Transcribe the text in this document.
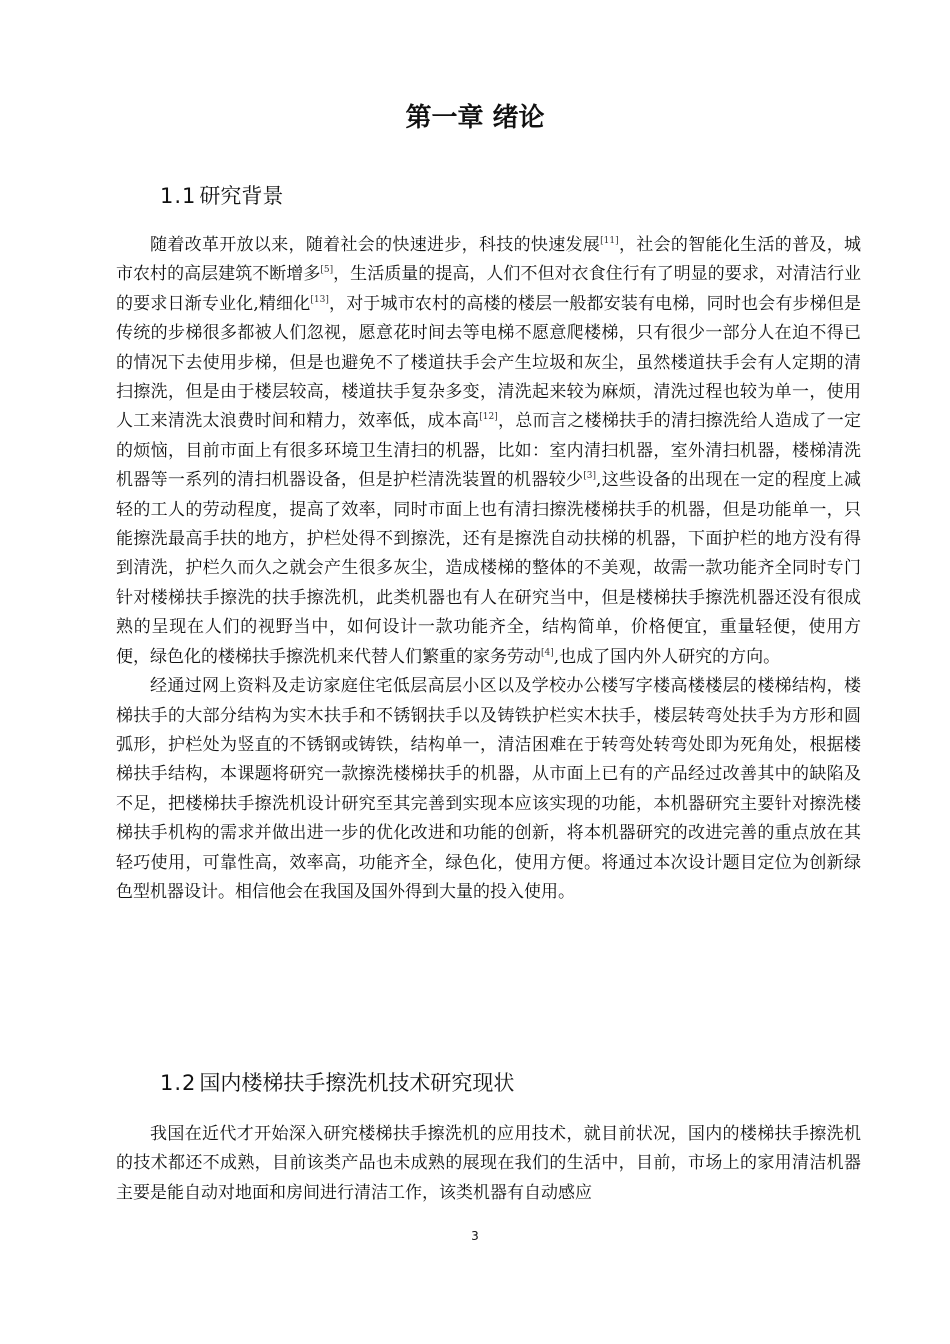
第一章 绪论
1.1 研究背景

随着改革开放以来，随着社会的快速进步，科技的快速发展[11]，社会的智能化生活的普及，城市农村的高层建筑不断增多[5]，生活质量的提高，人们不但对衣食住行有了明显的要求，对清洁行业的要求日渐专业化,精细化[13]，对于城市农村的高楼的楼层一般都安装有电梯，同时也会有步梯但是传统的步梯很多都被人们忽视，愿意花时间去等电梯不愿意爬楼梯，只有很少一部分人在迫不得已的情况下去使用步梯，但是也避免不了楼道扶手会产生垃圾和灰尘，虽然楼道扶手会有人定期的清扫擦洗，但是由于楼层较高，楼道扶手复杂多变，清洗起来较为麻烦，清洗过程也较为单一，使用人工来清洗太浪费时间和精力，效率低，成本高[12]，总而言之楼梯扶手的清扫擦洗给人造成了一定的烦恼，目前市面上有很多环境卫生清扫的机器，比如：室内清扫机器，室外清扫机器，楼梯清洗机器等一系列的清扫机器设备，但是护栏清洗装置的机器较少[3],这些设备的出现在一定的程度上减轻的工人的劳动程度，提高了效率，同时市面上也有清扫擦洗楼梯扶手的机器，但是功能单一，只能擦洗最高手扶的地方，护栏处得不到擦洗，还有是擦洗自动扶梯的机器，下面护栏的地方没有得到清洗，护栏久而久之就会产生很多灰尘，造成楼梯的整体的不美观，故需一款功能齐全同时专门针对楼梯扶手擦洗的扶手擦洗机，此类机器也有人在研究当中，但是楼梯扶手擦洗机器还没有很成熟的呈现在人们的视野当中，如何设计一款功能齐全，结构简单，价格便宜，重量轻便，使用方便，绿色化的楼梯扶手擦洗机来代替人们繁重的家务劳动[4],也成了国内外人研究的方向。

经通过网上资料及走访家庭住宅低层高层小区以及学校办公楼写字楼高楼楼层的楼梯结构，楼梯扶手的大部分结构为实木扶手和不锈钢扶手以及铸铁护栏实木扶手，楼层转弯处扶手为方形和圆弧形，护栏处为竖直的不锈钢或铸铁，结构单一，清洁困难在于转弯处转弯处即为死角处，根据楼梯扶手结构，本课题将研究一款擦洗楼梯扶手的机器，从市面上已有的产品经过改善其中的缺陷及不足，把楼梯扶手擦洗机设计研究至其完善到实现本应该实现的功能，本机器研究主要针对擦洗楼梯扶手机构的需求并做出进一步的优化改进和功能的创新，将本机器研究的改进完善的重点放在其轻巧使用，可靠性高，效率高，功能齐全，绿色化，使用方便。将通过本次设计题目定位为创新绿色型机器设计。相信他会在我国及国外得到大量的投入使用。

1.2 国内楼梯扶手擦洗机技术研究现状

我国在近代才开始深入研究楼梯扶手擦洗机的应用技术，就目前状况，国内的楼梯扶手擦洗机的技术都还不成熟，目前该类产品也未成熟的展现在我们的生活中，目前，市场上的家用清洁机器主要是能自动对地面和房间进行清洁工作，该类机器有自动感应

3
